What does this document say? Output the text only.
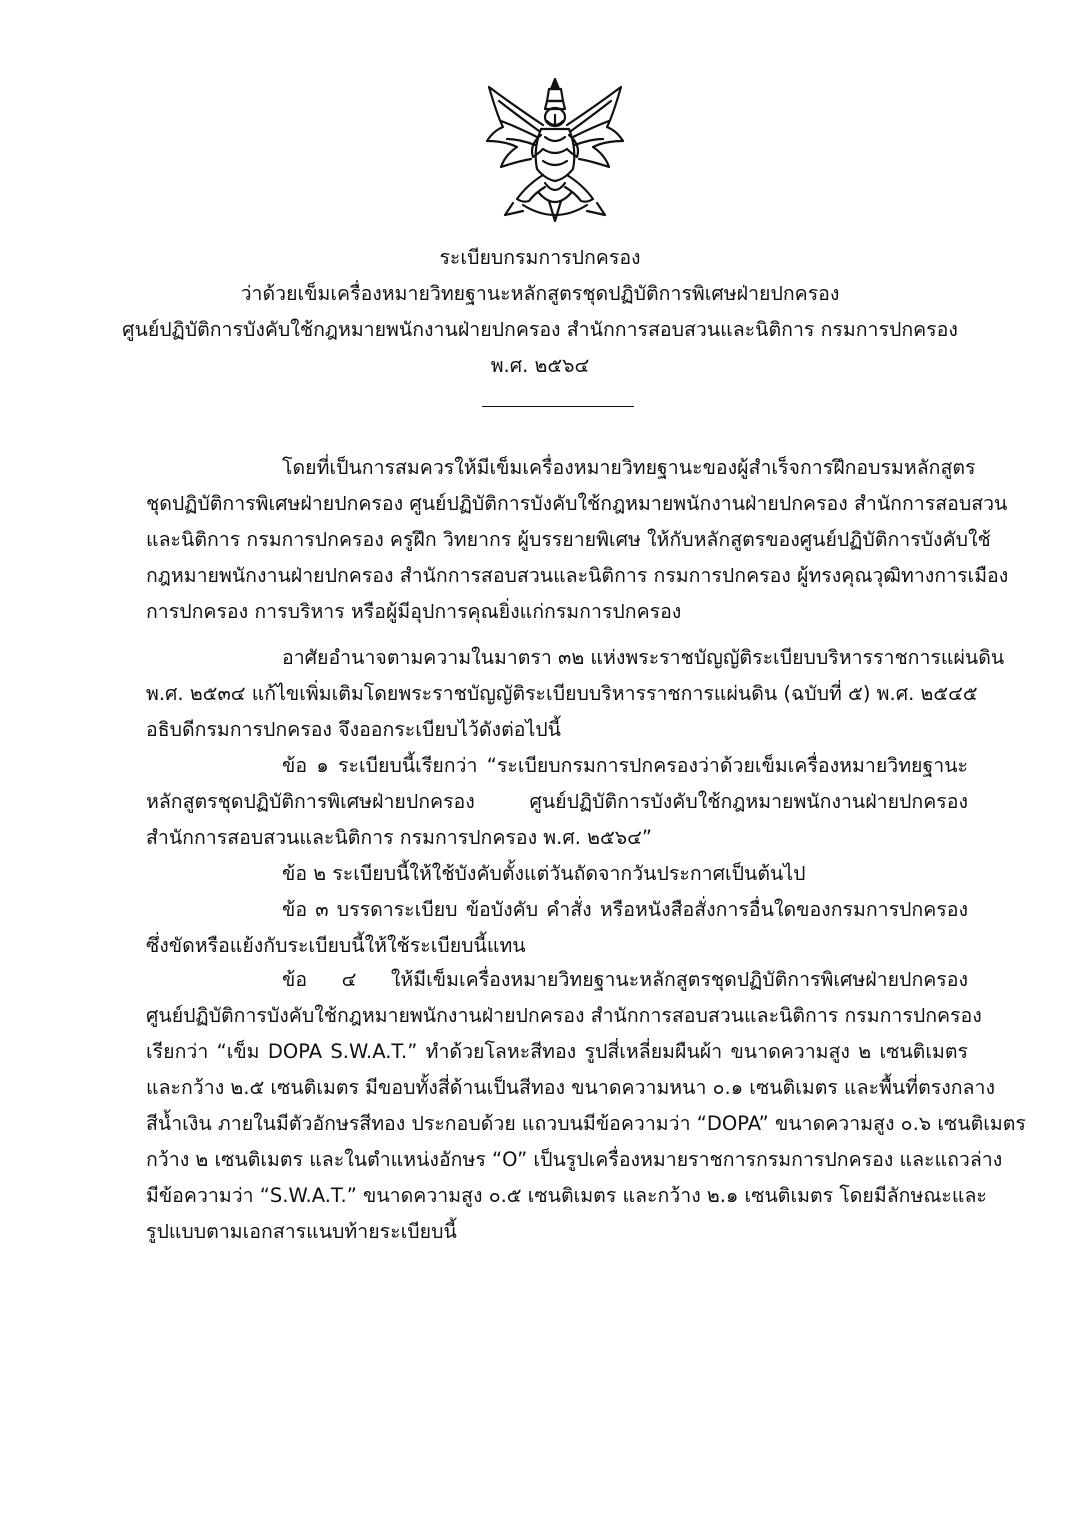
ระเบียบกรมการปกครอง
ว่าด้วยเข็มเครื่องหมายวิทยฐานะหลักสูตรชุดปฏิบัติการพิเศษฝ่ายปกครอง
ศูนย์ปฏิบัติการบังคับใช้กฎหมายพนักงานฝ่ายปกครอง สำนักการสอบสวนและนิติการ กรมการปกครอง
พ.ศ. ๒๕๖๔
โดยที่เป็นการสมควรให้มีเข็มเครื่องหมายวิทยฐานะของผู้สำเร็จการฝึกอบรมหลักสูตร
ชุดปฏิบัติการพิเศษฝ่ายปกครอง ศูนย์ปฏิบัติการบังคับใช้กฎหมายพนักงานฝ่ายปกครอง สำนักการสอบสวน
และนิติการ กรมการปกครอง ครูฝึก วิทยากร ผู้บรรยายพิเศษ ให้กับหลักสูตรของศูนย์ปฏิบัติการบังคับใช้
กฎหมายพนักงานฝ่ายปกครอง สำนักการสอบสวนและนิติการ กรมการปกครอง ผู้ทรงคุณวุฒิทางการเมือง
การปกครอง การบริหาร หรือผู้มีอุปการคุณยิ่งแก่กรมการปกครอง
อาศัยอำนาจตามความในมาตรา ๓๒ แห่งพระราชบัญญัติระเบียบบริหารราชการแผ่นดิน
พ.ศ. ๒๕๓๔ แก้ไขเพิ่มเติมโดยพระราชบัญญัติระเบียบบริหารราชการแผ่นดิน (ฉบับที่ ๕) พ.ศ. ๒๕๔๕
อธิบดีกรมการปกครอง จึงออกระเบียบไว้ดังต่อไปนี้
ข้อ ๑ ระเบียบนี้เรียกว่า “ระเบียบกรมการปกครองว่าด้วยเข็มเครื่องหมายวิทยฐานะ
หลักสูตรชุดปฏิบัติการพิเศษฝ่ายปกครอง ศูนย์ปฏิบัติการบังคับใช้กฎหมายพนักงานฝ่ายปกครอง
สำนักการสอบสวนและนิติการ กรมการปกครอง พ.ศ. ๒๕๖๔”
ข้อ ๒ ระเบียบนี้ให้ใช้บังคับตั้งแต่วันถัดจากวันประกาศเป็นต้นไป
ข้อ ๓ บรรดาระเบียบ ข้อบังคับ คำสั่ง หรือหนังสือสั่งการอื่นใดของกรมการปกครอง
ซึ่งขัดหรือแย้งกับระเบียบนี้ให้ใช้ระเบียบนี้แทน
ข้อ ๔ ให้มีเข็มเครื่องหมายวิทยฐานะหลักสูตรชุดปฏิบัติการพิเศษฝ่ายปกครอง
ศูนย์ปฏิบัติการบังคับใช้กฎหมายพนักงานฝ่ายปกครอง สำนักการสอบสวนและนิติการ กรมการปกครอง
เรียกว่า “เข็ม DOPA S.W.A.T.” ทำด้วยโลหะสีทอง รูปสี่เหลี่ยมผืนผ้า ขนาดความสูง ๒ เซนติเมตร
และกว้าง ๒.๕ เซนติเมตร มีขอบทั้งสี่ด้านเป็นสีทอง ขนาดความหนา ๐.๑ เซนติเมตร และพื้นที่ตรงกลาง
สีน้ำเงิน ภายในมีตัวอักษรสีทอง ประกอบด้วย แถวบนมีข้อความว่า “DOPA” ขนาดความสูง ๐.๖ เซนติเมตร
กว้าง ๒ เซนติเมตร และในตำแหน่งอักษร “O” เป็นรูปเครื่องหมายราชการกรมการปกครอง และแถวล่าง
มีข้อความว่า “S.W.A.T.” ขนาดความสูง ๐.๕ เซนติเมตร และกว้าง ๒.๑ เซนติเมตร โดยมีลักษณะและ
รูปแบบตามเอกสารแนบท้ายระเบียบนี้
